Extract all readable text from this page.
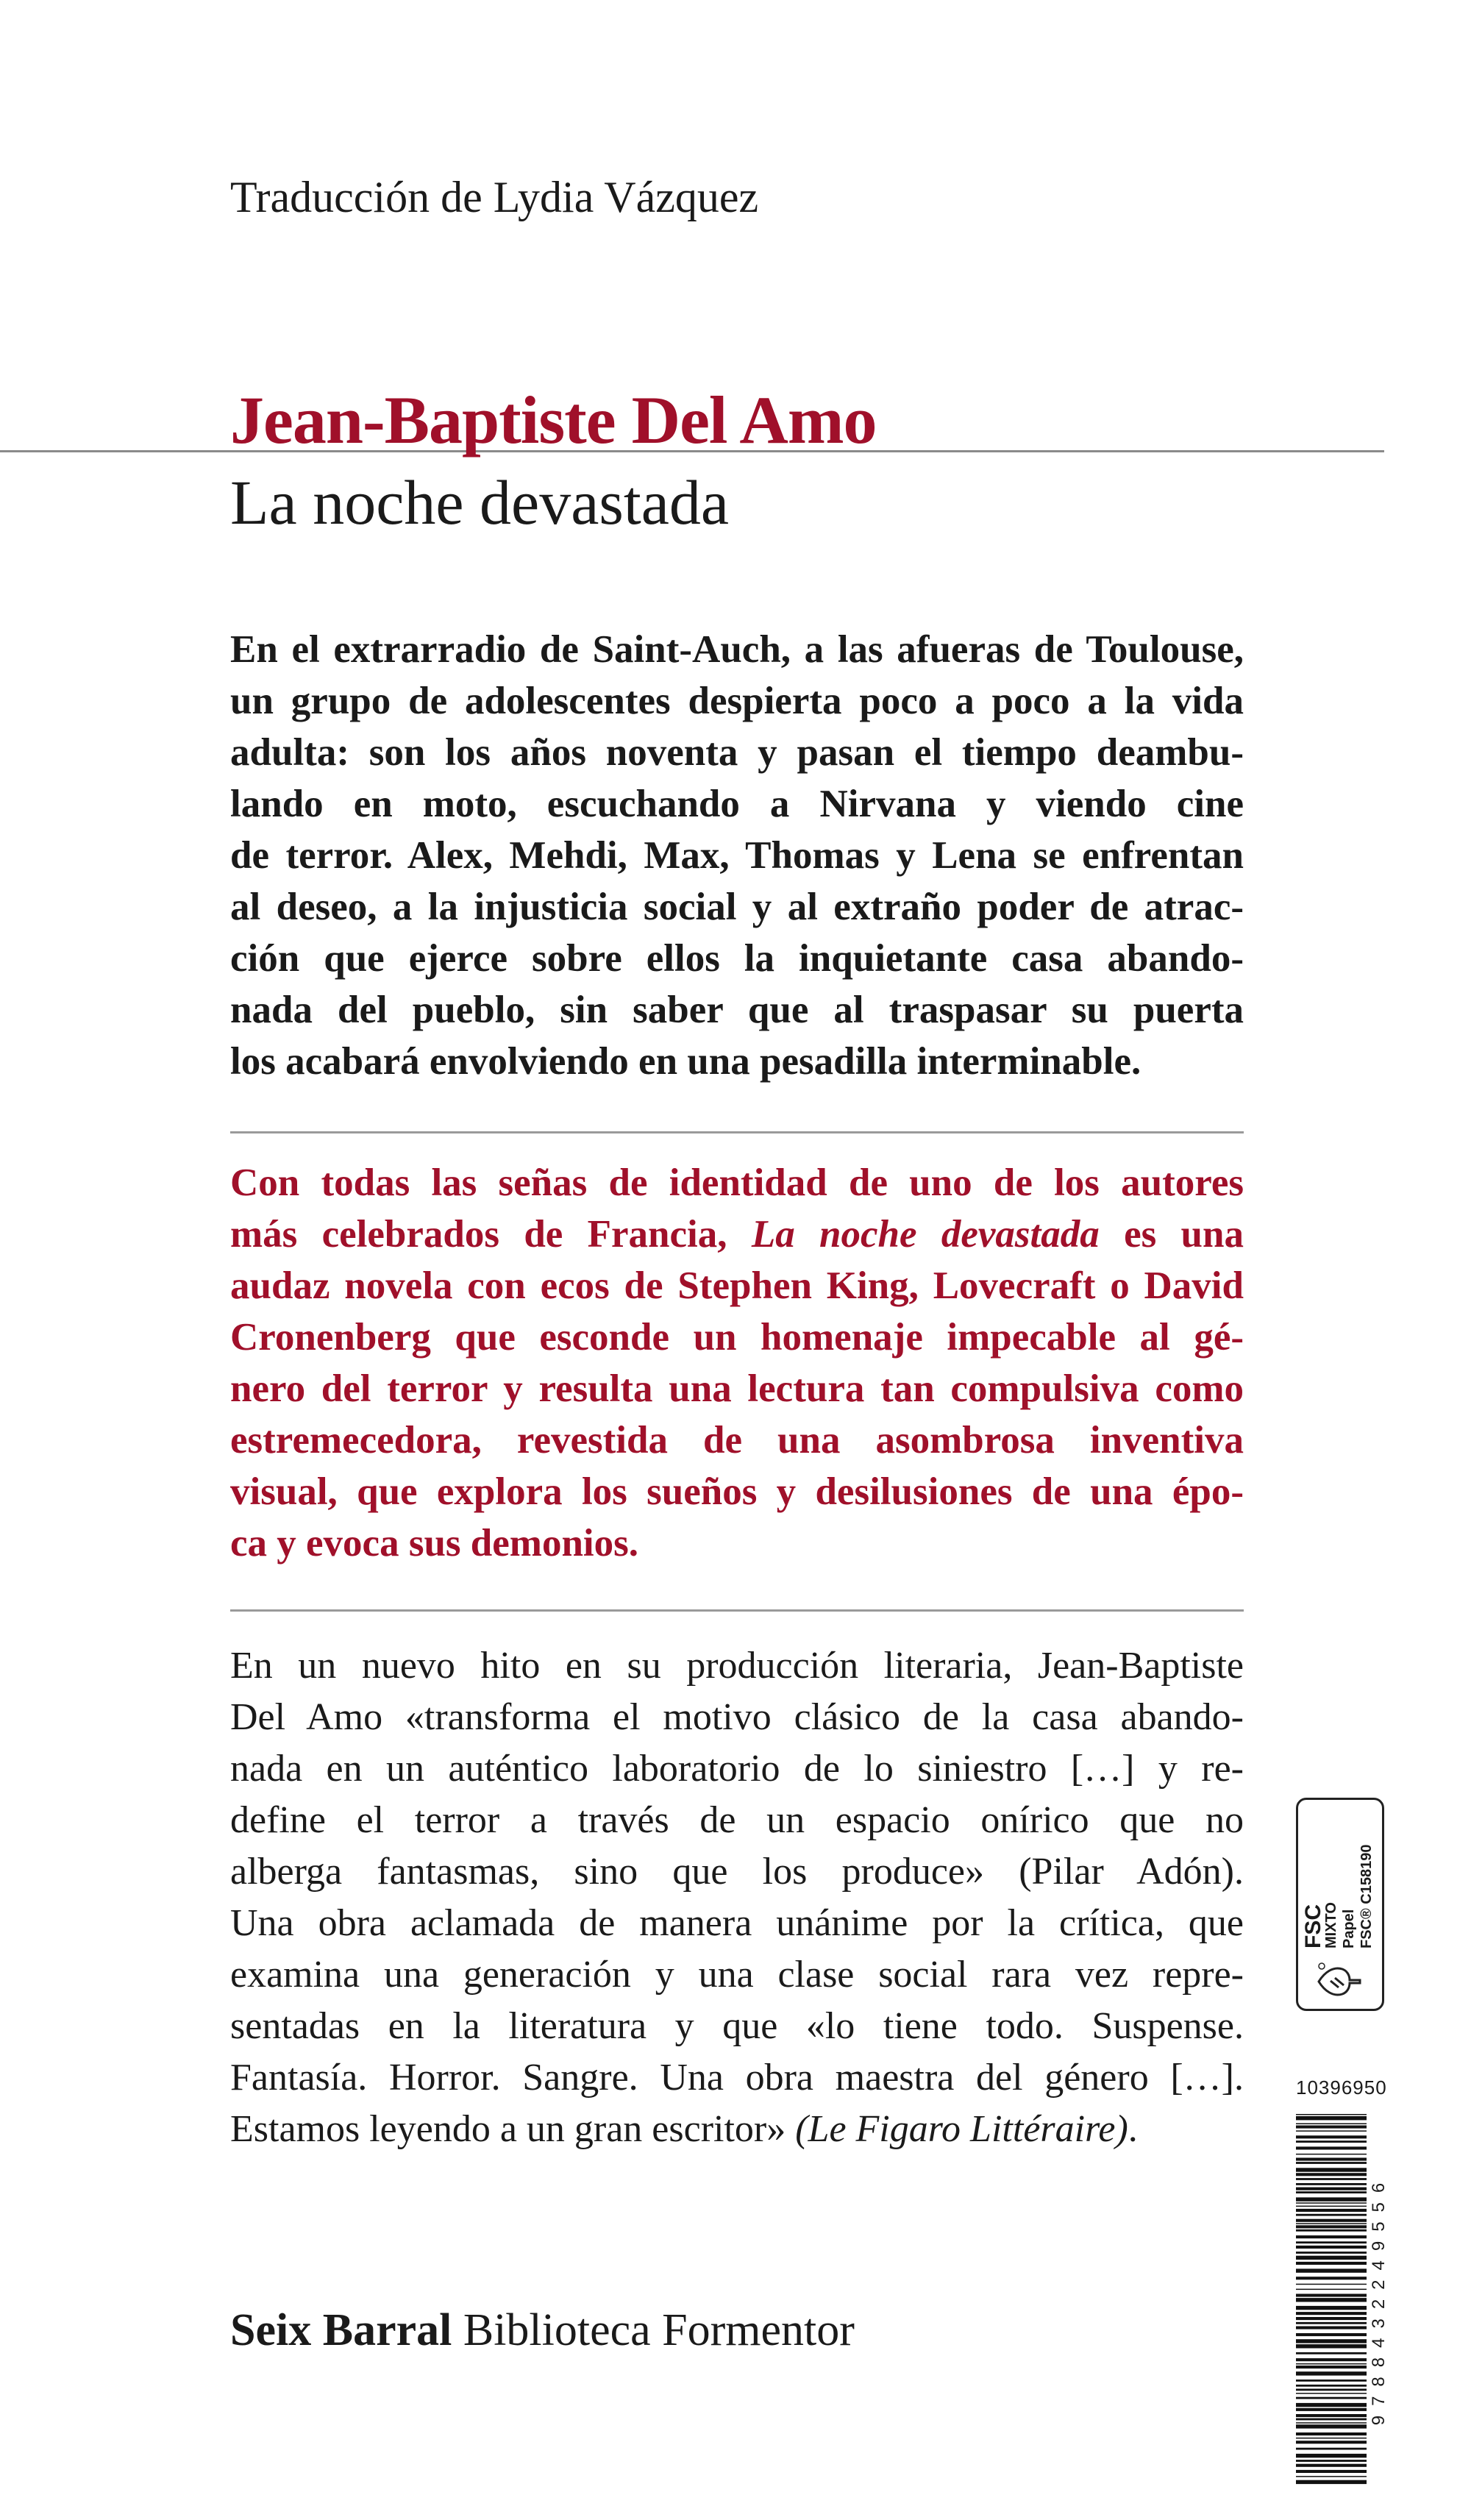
Traducción de Lydia Vázquez
Jean-Baptiste Del Amo
La noche devastada
En el extrarradio de Saint-Auch, a las afueras de Toulouse,
un grupo de adolescentes despierta poco a poco a la vida
adulta: son los años noventa y pasan el tiempo deambu-
lando en moto, escuchando a Nirvana y viendo cine
de terror. Alex, Mehdi, Max, Thomas y Lena se enfrentan
al deseo, a la injusticia social y al extraño poder de atrac-
ción que ejerce sobre ellos la inquietante casa abando-
nada del pueblo, sin saber que al traspasar su puerta
los acabará envolviendo en una pesadilla interminable.
Con todas las señas de identidad de uno de los autores
más celebrados de Francia, La noche devastada es una
audaz novela con ecos de Stephen King, Lovecraft o David
Cronenberg que esconde un homenaje impecable al gé-
nero del terror y resulta una lectura tan compulsiva como
estremecedora, revestida de una asombrosa inventiva
visual, que explora los sueños y desilusiones de una épo-
ca y evoca sus demonios.
En un nuevo hito en su producción literaria, Jean-Baptiste
Del Amo «transforma el motivo clásico de la casa abando-
nada en un auténtico laboratorio de lo siniestro […] y re-
define el terror a través de un espacio onírico que no
alberga fantasmas, sino que los produce» (Pilar Adón).
Una obra aclamada de manera unánime por la crítica, que
examina una generación y una clase social rara vez repre-
sentadas en la literatura y que «lo tiene todo. Suspense.
Fantasía. Horror. Sangre. Una obra maestra del género […].
Estamos leyendo a un gran escritor» (Le Figaro Littéraire).
Seix Barral Biblioteca Formentor
FSC
MIXTO Papel FSC® C158190
10396950
9788432249556
